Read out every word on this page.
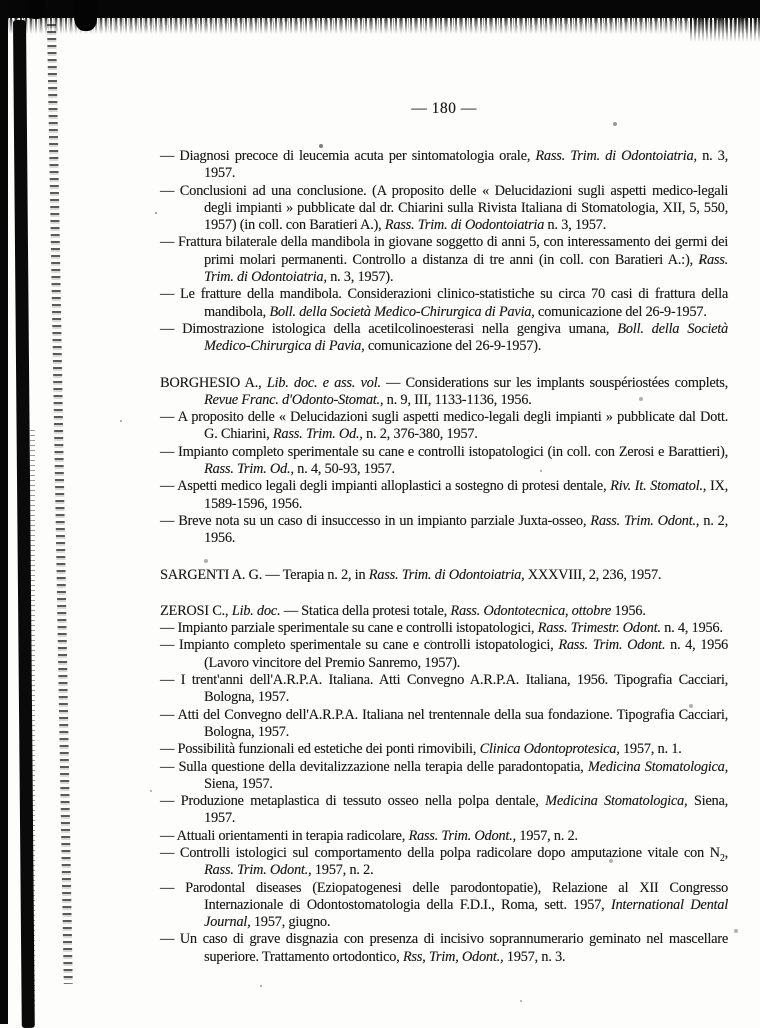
— 180 —

— Diagnosi precoce di leucemia acuta per sintomatologia orale, Rass. Trim. di Odontoiatria, n. 3, 1957.

— Conclusioni ad una conclusione. (A proposito delle « Delucidazioni sugli aspetti medico-legali degli impianti » pubblicate dal dr. Chiarini sulla Rivista Italiana di Stomatologia, XII, 5, 550, 1957) (in coll. con Baratieri A.), Rass. Trim. di Oodontoiatria n. 3, 1957.

— Frattura bilaterale della mandibola in giovane soggetto di anni 5, con interessamento dei germi dei primi molari permanenti. Controllo a distanza di tre anni (in coll. con Baratieri A.:), Rass. Trim. di Odontoiatria, n. 3, 1957).

— Le fratture della mandibola. Considerazioni clinico-statistiche su circa 70 casi di frattura della mandibola, Boll. della Società Medico-Chirurgica di Pavia, comunicazione del 26-9-1957.

— Dimostrazione istologica della acetilcolinoesterasi nella gengiva umana, Boll. della Società Medico-Chirurgica di Pavia, comunicazione del 26-9-1957).

BORGHESIO A., Lib. doc. e ass. vol. — Considerations sur les implants souspériostées complets, Revue Franc. d'Odonto-Stomat., n. 9, III, 1133-1136, 1956.

— A proposito delle « Delucidazioni sugli aspetti medico-legali degli impianti » pubblicate dal Dott. G. Chiarini, Rass. Trim. Od., n. 2, 376-380, 1957.

— Impianto completo sperimentale su cane e controlli istopatologici (in coll. con Zerosi e Barattieri), Rass. Trim. Od., n. 4, 50-93, 1957.

— Aspetti medico legali degli impianti alloplastici a sostegno di protesi dentale, Riv. It. Stomatol., IX, 1589-1596, 1956.

— Breve nota su un caso di insuccesso in un impianto parziale Juxta-osseo, Rass. Trim. Odont., n. 2, 1956.

SARGENTI A. G. — Terapia n. 2, in Rass. Trim. di Odontoiatria, XXXVIII, 2, 236, 1957.

ZEROSI C., Lib. doc. — Statica della protesi totale, Rass. Odontotecnica, ottobre 1956.

— Impianto parziale sperimentale su cane e controlli istopatologici, Rass. Trimestr. Odont. n. 4, 1956.

— Impianto completo sperimentale su cane e controlli istopatologici, Rass. Trim. Odont. n. 4, 1956 (Lavoro vincitore del Premio Sanremo, 1957).

— I trent'anni dell'A.R.P.A. Italiana. Atti Convegno A.R.P.A. Italiana, 1956. Tipografia Cacciari, Bologna, 1957.

— Atti del Convegno dell'A.R.P.A. Italiana nel trentennale della sua fondazione. Tipografia Cacciari, Bologna, 1957.

— Possibilità funzionali ed estetiche dei ponti rimovibili, Clinica Odontoprotesica, 1957, n. 1.

— Sulla questione della devitalizzazione nella terapia delle paradontopatia, Medicina Stomatologica, Siena, 1957.

— Produzione metaplastica di tessuto osseo nella polpa dentale, Medicina Stomatologica, Siena, 1957.

— Attuali orientamenti in terapia radicolare, Rass. Trim. Odont., 1957, n. 2.

— Controlli istologici sul comportamento della polpa radicolare dopo amputazione vitale con $N_2$, Rass. Trim. Odont., 1957, n. 2.

— Parodontal diseases (Eziopatogenesi delle parodontopatie), Relazione al XII Congresso Internazionale di Odontostomatologia della F.D.I., Roma, sett. 1957, International Dental Journal, 1957, giugno.

— Un caso di grave disgnazia con presenza di incisivo soprannumerario geminato nel mascellare superiore. Trattamento ortodontico, Rss, Trim, Odont., 1957, n. 3.
